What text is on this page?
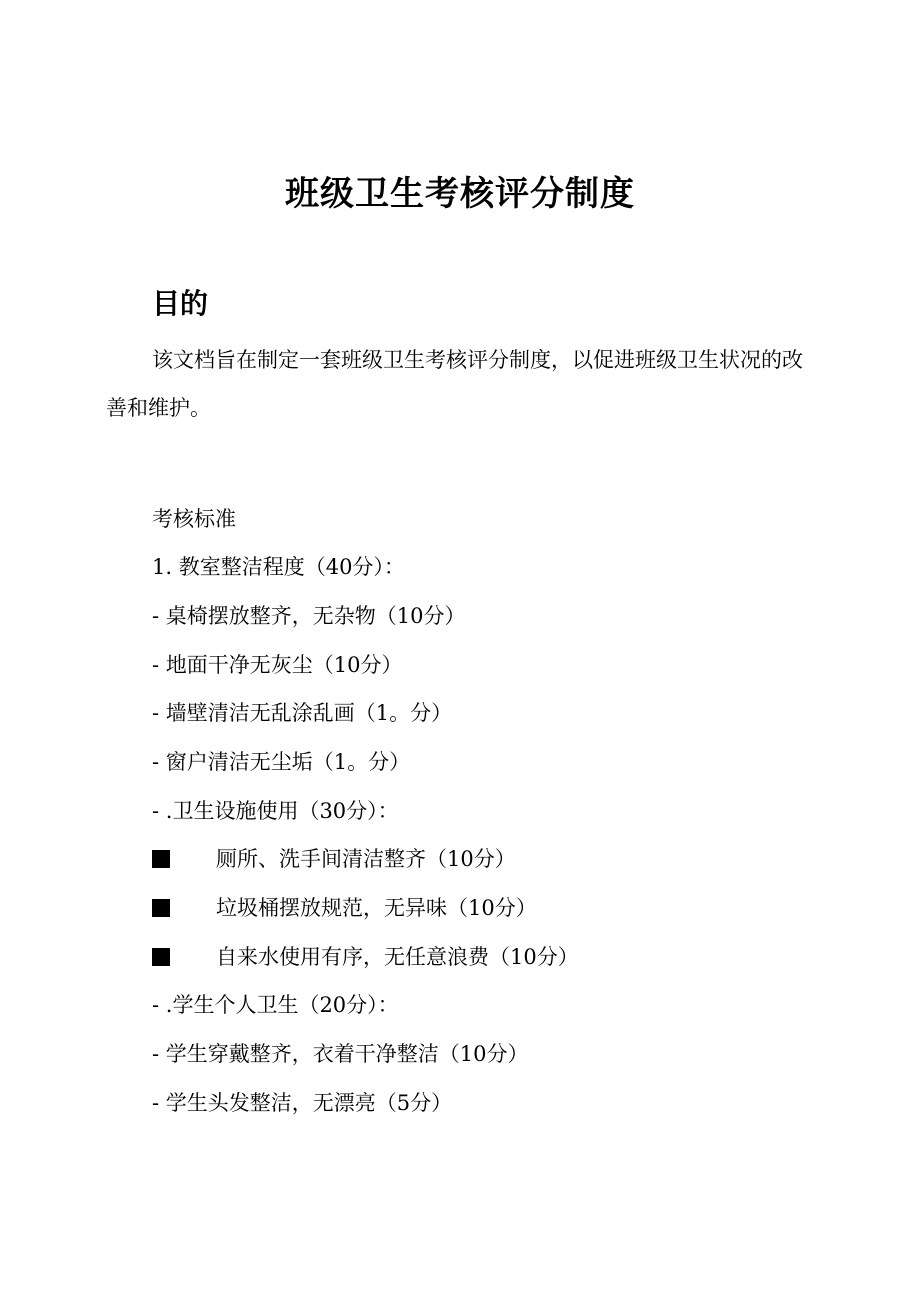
班级卫生考核评分制度
目的
该文档旨在制定一套班级卫生考核评分制度，以促进班级卫生状况的改善和维护。
考核标准
1. 教室整洁程度（40分）：
- 桌椅摆放整齐，无杂物（10分）
- 地面干净无灰尘（10分）
- 墙壁清洁无乱涂乱画（1。分）
- 窗户清洁无尘垢（1。分）
- .卫生设施使用（30分）：
厕所、洗手间清洁整齐（10分）
垃圾桶摆放规范，无异味（10分）
自来水使用有序，无任意浪费（10分）
- .学生个人卫生（20分）：
- 学生穿戴整齐，衣着干净整洁（10分）
- 学生头发整洁，无漂亮（5分）
